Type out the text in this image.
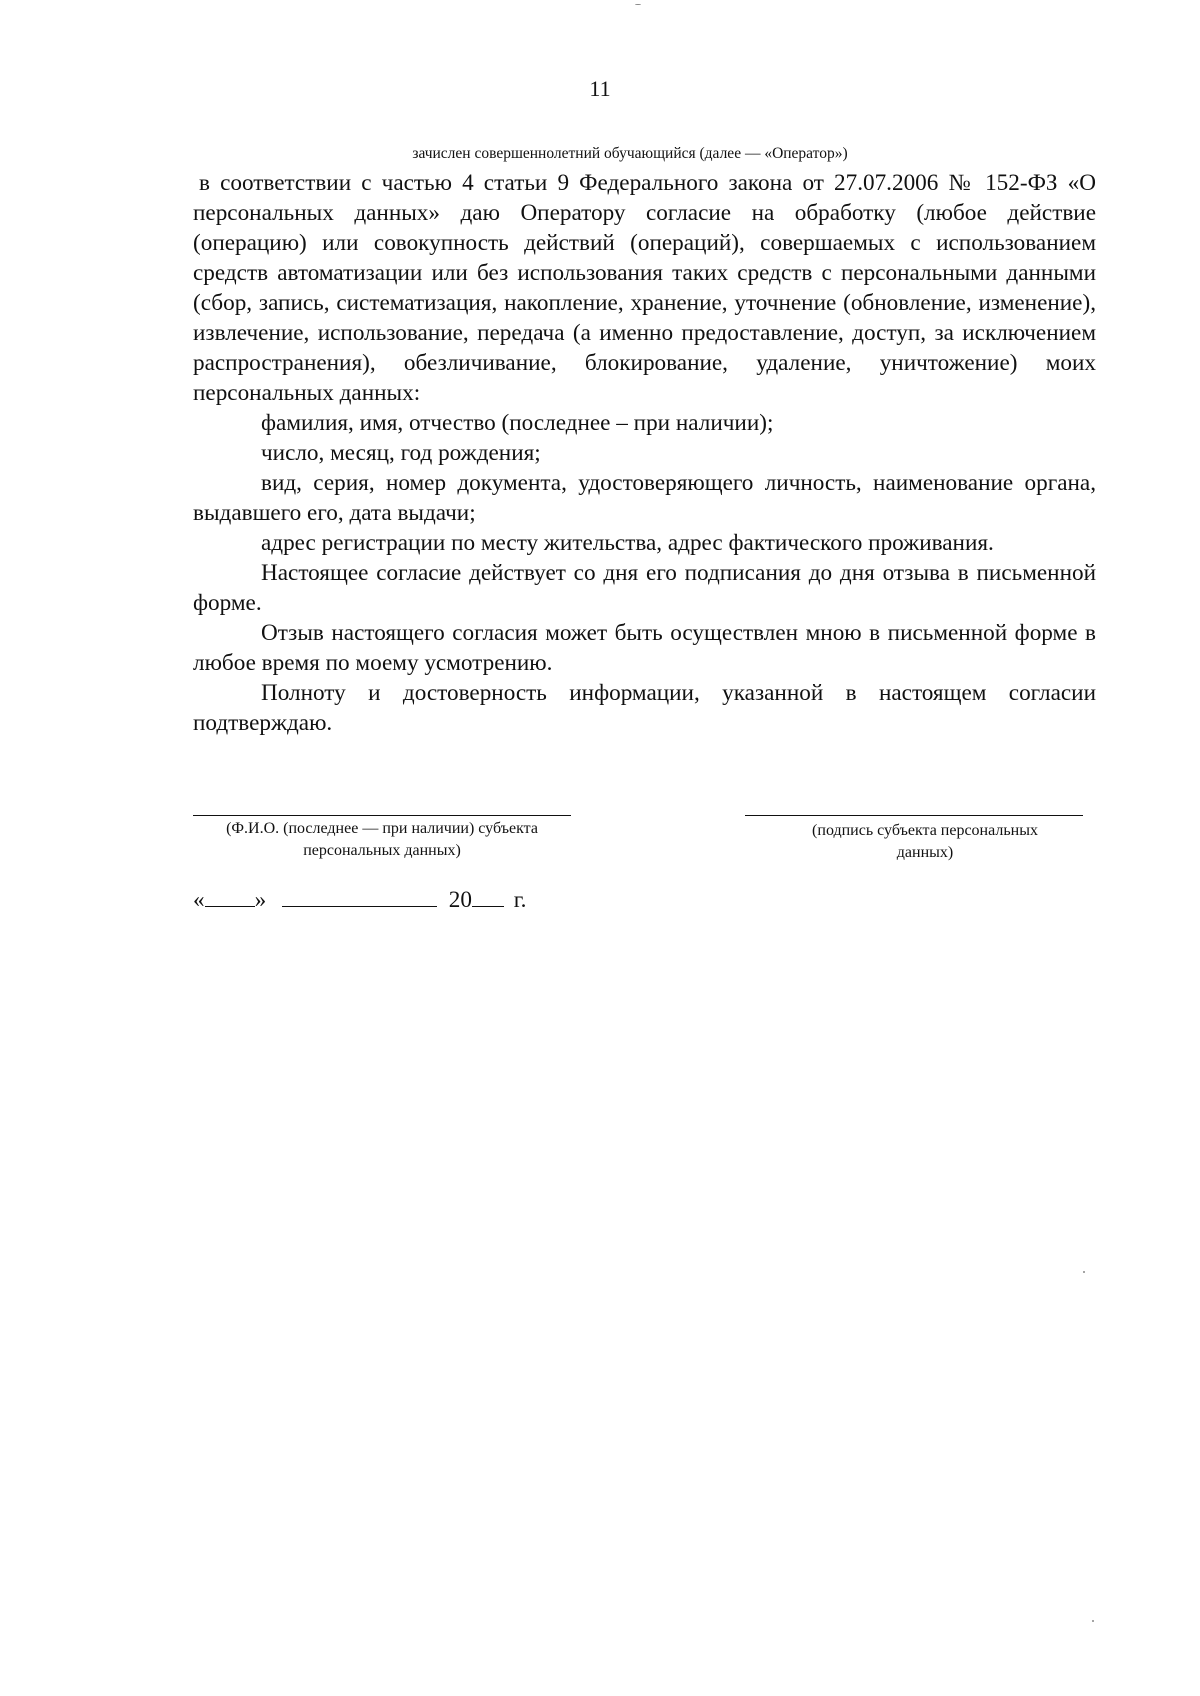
11
зачислен совершеннолетний обучающийся (далее — «Оператор»)

в соответствии с частью 4 статьи 9 Федерального закона от 27.07.2006 № 152-ФЗ «О персональных данных» даю Оператору согласие на обработку (любое действие (операцию) или совокупность действий (операций), совершаемых с использованием средств автоматизации или без использования таких средств с персональными данными (сбор, запись, систематизация, накопление, хранение, уточнение (обновление, изменение), извлечение, использование, передача (а именно предоставление, доступ, за исключением распространения), обезличивание, блокирование, удаление, уничтожение) моих персональных данных:

фамилия, имя, отчество (последнее – при наличии);

число, месяц, год рождения;

вид, серия, номер документа, удостоверяющего личность, наименование органа, выдавшего его, дата выдачи;

адрес регистрации по месту жительства, адрес фактического проживания.

Настоящее согласие действует со дня его подписания до дня отзыва в письменной форме.

Отзыв настоящего согласия может быть осуществлен мною в письменной форме в любое время по моему усмотрению.

Полноту и достоверность информации, указанной в настоящем согласии подтверждаю.

(Ф.И.О. (последнее — при наличии) субъекта
персональных данных)
(подпись субъекта персональных
данных)
« »	20 г.
